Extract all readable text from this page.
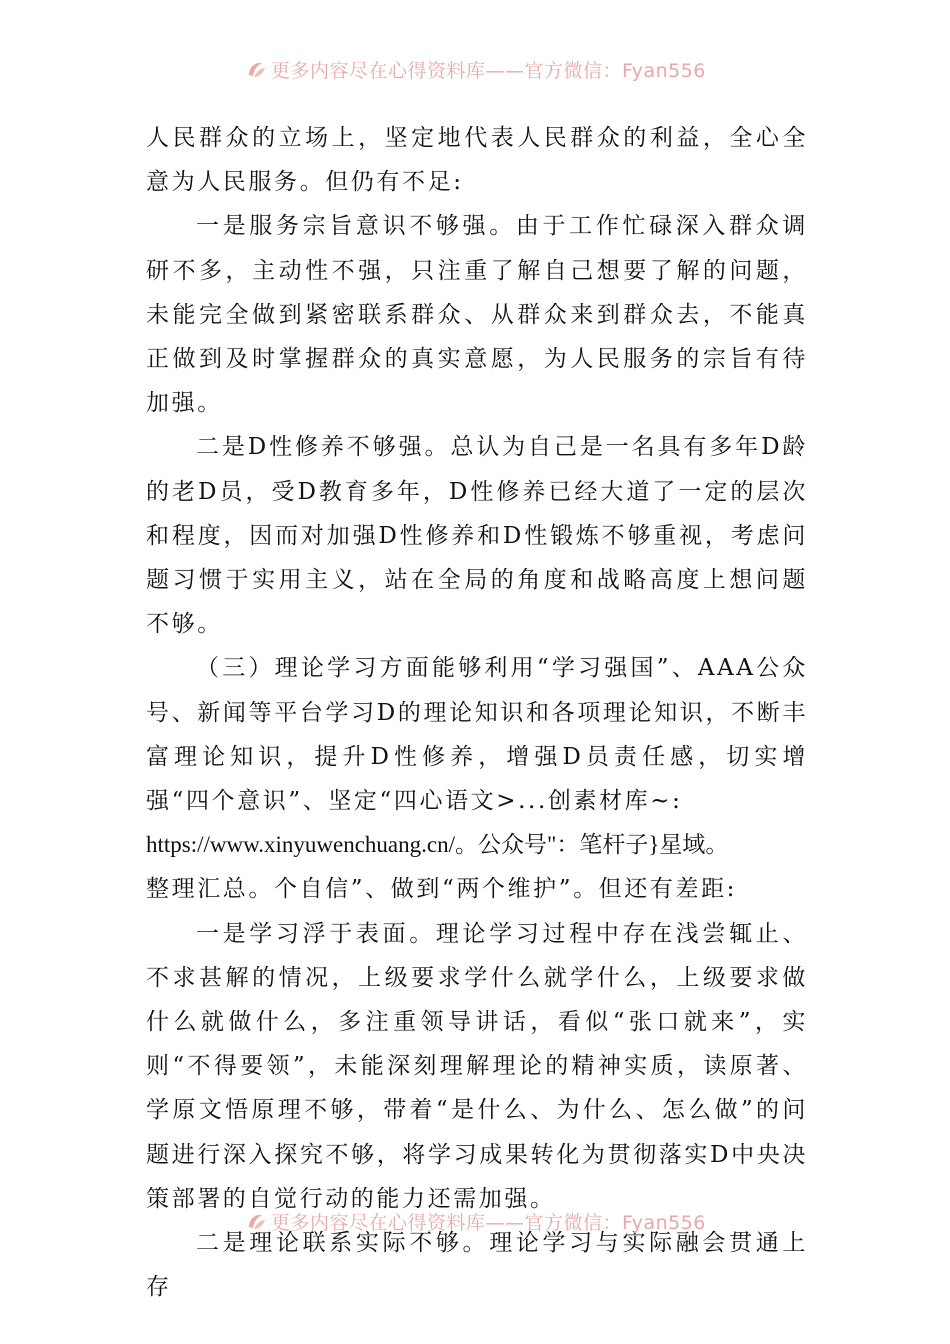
更多内容尽在心得资料库——官方微信：Fyan556

人民群众的立场上，坚定地代表人民群众的利益，全心全意为人民服务。但仍有不足:

一是服务宗旨意识不够强。由于工作忙碌深入群众调研不多，主动性不强，只注重了解自己想要了解的问题，未能完全做到紧密联系群众、从群众来到群众去，不能真正做到及时掌握群众的真实意愿，为人民服务的宗旨有待加强。

二是D性修养不够强。总认为自己是一名具有多年D龄的老D员，受D教育多年，D性修养已经大道了一定的层次和程度，因而对加强D性修养和D性锻炼不够重视，考虑问题习惯于实用主义，站在全局的角度和战略高度上想问题不够。

（三）理论学习方面能够利用“学习强国”、AAA公众号、新闻等平台学习D的理论知识和各项理论知识，不断丰富理论知识，提升D性修养，增强D员责任感，切实增强“四个意识”、坚定“四心语文>...创素材库~:

https://www.xinyuwenchuang.cn/。公众号"：笔杆子}星域。

整理汇总。个自信”、做到“两个维护”。但还有差距:

一是学习浮于表面。理论学习过程中存在浅尝辄止、不求甚解的情况，上级要求学什么就学什么，上级要求做什么就做什么，多注重领导讲话，看似“张口就来”，实则“不得要领”，未能深刻理解理论的精神实质，读原著、学原文悟原理不够，带着“是什么、为什么、怎么做”的问题进行深入探究不够，将学习成果转化为贯彻落实D中央决策部署的自觉行动的能力还需加强。

二是理论联系实际不够。理论学习与实际融会贯通上存

更多内容尽在心得资料库——官方微信：Fyan556
